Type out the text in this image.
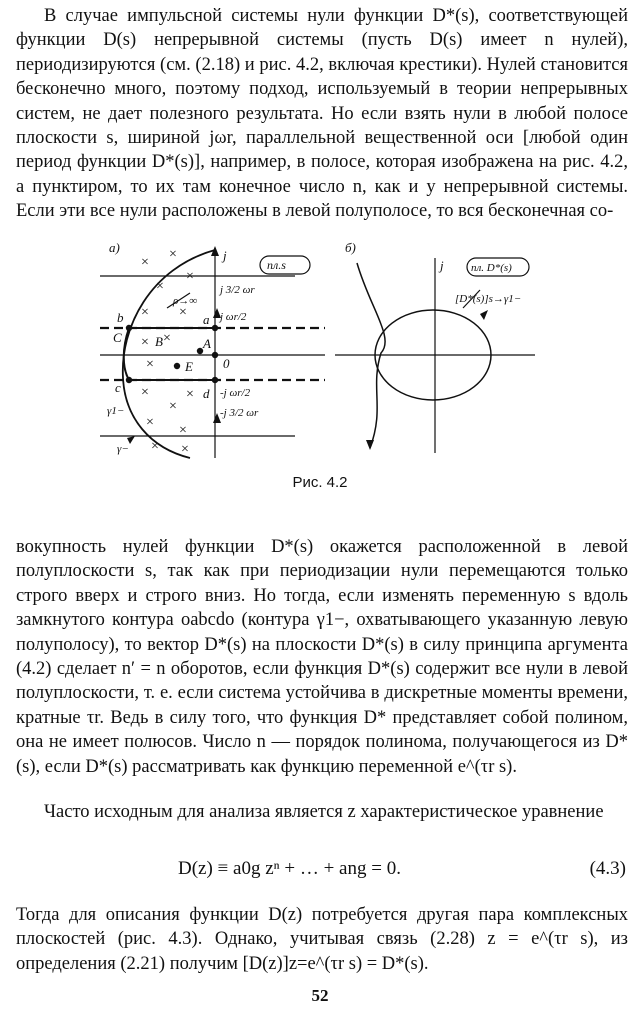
В случае импульсной системы нули функции D*(s), соответствующей функции D(s) непрерывной системы (пусть D(s) имеет n нулей), периодизируются (см. (2.18) и рис. 4.2, включая крестики). Нулей становится бесконечно много, поэтому подход, используемый в теории непрерывных систем, не дает полезного результата. Но если взять нули в любой полосе плоскости s, шириной jωr, параллельной вещественной оси [любой один период функции D*(s)], например, в полосе, которая изображена на рис. 4.2, a пунктиром, то их там конечное число n, как и у непрерывной системы. Если эти все нули расположены в левой полуполосе, то вся бесконечная со-

×
×
×
×
× ×
× ×
×
×
×
×
×
×
× ×
а)
j
пл.s
j 3/2 ωr
j ωr/2
-j ωr/2
-j 3/2 ωr
0
a
b
c	d
A
B
C
E
ρ→∞
γ1−
γ−
б)
j пл. D*(s)
[D*(s)]s→γ1−
Рис. 4.2

вокупность нулей функции D*(s) окажется расположенной в левой полуплоскости s, так как при периодизации нули перемещаются только строго вверх и строго вниз. Но тогда, если изменять переменную s вдоль замкнутого контура oabcdo (контура γ1−, охватывающего указанную левую полуполосу), то вектор D*(s) на плоскости D*(s) в силу принципа аргумента (4.2) сделает n′ = n оборотов, если функция D*(s) содержит все нули в левой полуплоскости, т. е. если система устойчива в дискретные моменты времени, кратные τr. Ведь в силу того, что функция D* представляет собой полином, она не имеет полюсов. Число n — порядок полинома, получающегося из D*(s), если D*(s) рассматривать как функцию переменной e^(τr s).

Часто исходным для анализа является z характеристическое уравнение

D(z) ≡ a0g zⁿ + … + ang = 0.	(4.3)

Тогда для описания функции D(z) потребуется другая пара комплексных плоскостей (рис. 4.3). Однако, учитывая связь (2.28) z = e^(τr s), из определения (2.21) получим [D(z)]z=e^(τr s) = D*(s).

52
